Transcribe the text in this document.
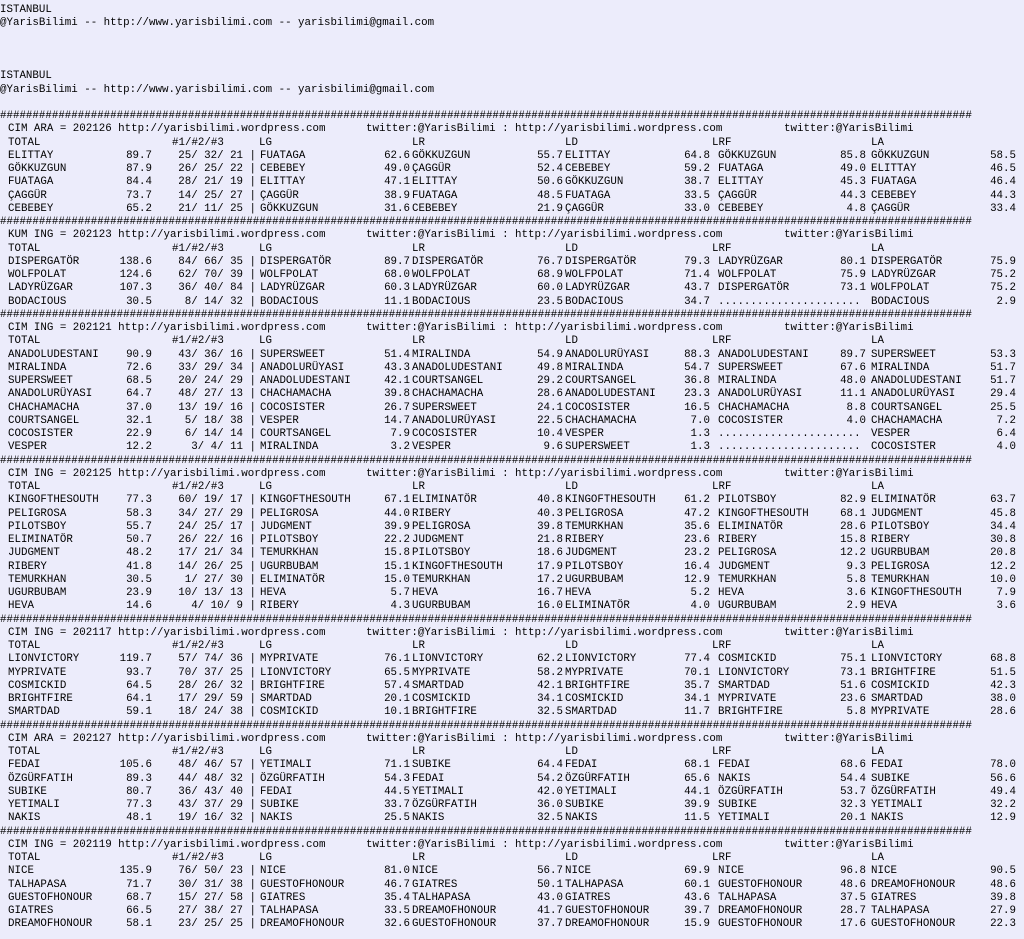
ISTANBUL
@YarisBilimi -- http://www.yarisbilimi.com -- yarisbilimi@gmail.com
ISTANBUL
@YarisBilimi -- http://www.yarisbilimi.com -- yarisbilimi@gmail.com
######################################################################################################################################################
CIM ARA = 202126 http://yarisbilimi.wordpress.com	twitter:@YarisBilimi : http://yarisbilimi.wordpress.com	twitter:@YarisBilimi
TOTAL	#1/#2/#3	LG	LR	LD	LRF	LA
ELITTAY	89.7	25/ 32/ 21 | FUATAGA	62.6 GÖKKUZGUN	55.7 ELITTAY	64.8 GÖKKUZGUN	85.8 GÖKKUZGUN	58.5
GÖKKUZGUN	87.9	26/ 25/ 22 | CEBEBEY	49.0 ÇAGGÜR	52.4 CEBEBEY	59.2 FUATAGA	49.0 ELITTAY	46.5
FUATAGA	84.4	28/ 21/ 19 | ELITTAY	47.1 ELITTAY	50.6 GÖKKUZGUN	38.7 ELITTAY	45.3 FUATAGA	46.4
ÇAGGÜR	73.7	14/ 25/ 27 | ÇAGGÜR	38.9 FUATAGA	48.5 FUATAGA	33.5 ÇAGGÜR	44.3 CEBEBEY	44.3
CEBEBEY	65.2	21/ 11/ 25 | GÖKKUZGUN	31.6 CEBEBEY	21.9 ÇAGGÜR	33.0 CEBEBEY	4.8 ÇAGGÜR	33.4
######################################################################################################################################################
KUM ING = 202123 http://yarisbilimi.wordpress.com	twitter:@YarisBilimi : http://yarisbilimi.wordpress.com	twitter:@YarisBilimi
TOTAL	#1/#2/#3	LG	LR	LD	LRF	LA
DISPERGATÖR	138.6	84/ 66/ 35 | DISPERGATÖR	89.7 DISPERGATÖR	76.7 DISPERGATÖR	79.3 LADYRÜZGAR	80.1 DISPERGATÖR	75.9
WOLFPOLAT	124.6	62/ 70/ 39 | WOLFPOLAT	68.0 WOLFPOLAT	68.9 WOLFPOLAT	71.4 WOLFPOLAT	75.9 LADYRÜZGAR	75.2
LADYRÜZGAR	107.3	36/ 40/ 84 | LADYRÜZGAR	60.3 LADYRÜZGAR	60.0 LADYRÜZGAR	43.7 DISPERGATÖR	73.1 WOLFPOLAT	75.2
BODACIOUS	30.5	8/ 14/ 32 | BODACIOUS	11.1 BODACIOUS	23.5 BODACIOUS	34.7 ...................... BODACIOUS	2.9
######################################################################################################################################################
CIM ING = 202121 http://yarisbilimi.wordpress.com	twitter:@YarisBilimi : http://yarisbilimi.wordpress.com	twitter:@YarisBilimi
TOTAL	#1/#2/#3	LG	LR	LD	LRF	LA
ANADOLUDESTANI	90.9	43/ 36/ 16 | SUPERSWEET	51.4 MIRALINDA	54.9 ANADOLURÜYASI	88.3 ANADOLUDESTANI	89.7 SUPERSWEET	53.3
MIRALINDA	72.6	33/ 29/ 34 | ANADOLURÜYASI	43.3 ANADOLUDESTANI	49.8 MIRALINDA	54.7 SUPERSWEET	67.6 MIRALINDA	51.7
SUPERSWEET	68.5	20/ 24/ 29 | ANADOLUDESTANI	42.1 COURTSANGEL	29.2 COURTSANGEL	36.8 MIRALINDA	48.0 ANADOLUDESTANI	51.7
ANADOLURÜYASI	64.7	48/ 27/ 13 | CHACHAMACHA	39.8 CHACHAMACHA	28.6 ANADOLUDESTANI	23.3 ANADOLURÜYASI	11.1 ANADOLURÜYASI	29.4
CHACHAMACHA	37.0	13/ 19/ 16 | COCOSISTER	26.7 SUPERSWEET	24.1 COCOSISTER	16.5 CHACHAMACHA	8.8 COURTSANGEL	25.5
COURTSANGEL	32.1	5/ 18/ 38 | VESPER	14.7 ANADOLURÜYASI	22.5 CHACHAMACHA	7.0 COCOSISTER	4.0 CHACHAMACHA	7.2
COCOSISTER	22.9	6/ 14/ 14 | COURTSANGEL	7.9 COCOSISTER	10.4 VESPER	1.3 ...................... VESPER	6.4
VESPER	12.2	3/ 4/ 11 | MIRALINDA	3.2 VESPER	9.6 SUPERSWEET	1.3 ...................... COCOSISTER	4.0
######################################################################################################################################################
CIM ING = 202125 http://yarisbilimi.wordpress.com	twitter:@YarisBilimi : http://yarisbilimi.wordpress.com	twitter:@YarisBilimi
TOTAL	#1/#2/#3	LG	LR	LD	LRF	LA
KINGOFTHESOUTH	77.3	60/ 19/ 17 | KINGOFTHESOUTH	67.1 ELIMINATÖR	40.8 KINGOFTHESOUTH	61.2 PILOTSBOY	82.9 ELIMINATÖR	63.7
PELIGROSA	58.3	34/ 27/ 29 | PELIGROSA	44.0 RIBERY	40.3 PELIGROSA	47.2 KINGOFTHESOUTH	68.1 JUDGMENT	45.8
PILOTSBOY	55.7	24/ 25/ 17 | JUDGMENT	39.9 PELIGROSA	39.8 TEMURKHAN	35.6 ELIMINATÖR	28.6 PILOTSBOY	34.4
ELIMINATÖR	50.7	26/ 22/ 16 | PILOTSBOY	22.2 JUDGMENT	21.8 RIBERY	23.6 RIBERY	15.8 RIBERY	30.8
JUDGMENT	48.2	17/ 21/ 34 | TEMURKHAN	15.8 PILOTSBOY	18.6 JUDGMENT	23.2 PELIGROSA	12.2 UGURBUBAM	20.8
RIBERY	41.8	14/ 26/ 25 | UGURBUBAM	15.1 KINGOFTHESOUTH	17.9 PILOTSBOY	16.4 JUDGMENT	9.3 PELIGROSA	12.2
TEMURKHAN	30.5	1/ 27/ 30 | ELIMINATÖR	15.0 TEMURKHAN	17.2 UGURBUBAM	12.9 TEMURKHAN	5.8 TEMURKHAN	10.0
UGURBUBAM	23.9	10/ 13/ 13 | HEVA	5.7 HEVA	16.7 HEVA	5.2 HEVA	3.6 KINGOFTHESOUTH	7.9
HEVA	14.6	4/ 10/ 9 | RIBERY	4.3 UGURBUBAM	16.0 ELIMINATÖR	4.0 UGURBUBAM	2.9 HEVA	3.6
######################################################################################################################################################
CIM ING = 202117 http://yarisbilimi.wordpress.com	twitter:@YarisBilimi : http://yarisbilimi.wordpress.com	twitter:@YarisBilimi
TOTAL	#1/#2/#3	LG	LR	LD	LRF	LA
LIONVICTORY	119.7	57/ 74/ 36 | MYPRIVATE	76.1 LIONVICTORY	62.2 LIONVICTORY	77.4 COSMICKID	75.1 LIONVICTORY	68.8
MYPRIVATE	93.7	70/ 37/ 25 | LIONVICTORY	65.5 MYPRIVATE	58.2 MYPRIVATE	70.1 LIONVICTORY	73.1 BRIGHTFIRE	51.5
COSMICKID	64.5	28/ 26/ 32 | BRIGHTFIRE	57.4 SMARTDAD	42.1 BRIGHTFIRE	35.7 SMARTDAD	51.6 COSMICKID	42.3
BRIGHTFIRE	64.1	17/ 29/ 59 | SMARTDAD	20.1 COSMICKID	34.1 COSMICKID	34.1 MYPRIVATE	23.6 SMARTDAD	38.0
SMARTDAD	59.1	18/ 24/ 38 | COSMICKID	10.1 BRIGHTFIRE	32.5 SMARTDAD	11.7 BRIGHTFIRE	5.8 MYPRIVATE	28.6
######################################################################################################################################################
CIM ARA = 202127 http://yarisbilimi.wordpress.com	twitter:@YarisBilimi : http://yarisbilimi.wordpress.com	twitter:@YarisBilimi
TOTAL	#1/#2/#3	LG	LR	LD	LRF	LA
FEDAI	105.6	48/ 46/ 57 | YETIMALI	71.1 SUBIKE	64.4 FEDAI	68.1 FEDAI	68.6 FEDAI	78.0
ÖZGÜRFATIH	89.3	44/ 48/ 32 | ÖZGÜRFATIH	54.3 FEDAI	54.2 ÖZGÜRFATIH	65.6 NAKIS	54.4 SUBIKE	56.6
SUBIKE	80.7	36/ 43/ 40 | FEDAI	44.5 YETIMALI	42.0 YETIMALI	44.1 ÖZGÜRFATIH	53.7 ÖZGÜRFATIH	49.4
YETIMALI	77.3	43/ 37/ 29 | SUBIKE	33.7 ÖZGÜRFATIH	36.0 SUBIKE	39.9 SUBIKE	32.3 YETIMALI	32.2
NAKIS	48.1	19/ 16/ 32 | NAKIS	25.5 NAKIS	32.5 NAKIS	11.5 YETIMALI	20.1 NAKIS	12.9
######################################################################################################################################################
CIM ING = 202119 http://yarisbilimi.wordpress.com	twitter:@YarisBilimi : http://yarisbilimi.wordpress.com	twitter:@YarisBilimi
TOTAL	#1/#2/#3	LG	LR	LD	LRF	LA
NICE	135.9	76/ 50/ 23 | NICE	81.0 NICE	56.7 NICE	69.9 NICE	96.8 NICE	90.5
TALHAPASA	71.7	30/ 31/ 38 | GUESTOFHONOUR	46.7 GIATRES	50.1 TALHAPASA	60.1 GUESTOFHONOUR	48.6 DREAMOFHONOUR	48.6
GUESTOFHONOUR	68.7	15/ 27/ 58 | GIATRES	35.4 TALHAPASA	43.0 GIATRES	43.6 TALHAPASA	37.5 GIATRES	39.8
GIATRES	66.5	27/ 38/ 27 | TALHAPASA	33.5 DREAMOFHONOUR	41.7 GUESTOFHONOUR	39.7 DREAMOFHONOUR	28.7 TALHAPASA	27.9
DREAMOFHONOUR	58.1	23/ 25/ 25 | DREAMOFHONOUR	32.6 GUESTOFHONOUR	37.7 DREAMOFHONOUR	15.9 GUESTOFHONOUR	17.6 GUESTOFHONOUR	22.3
